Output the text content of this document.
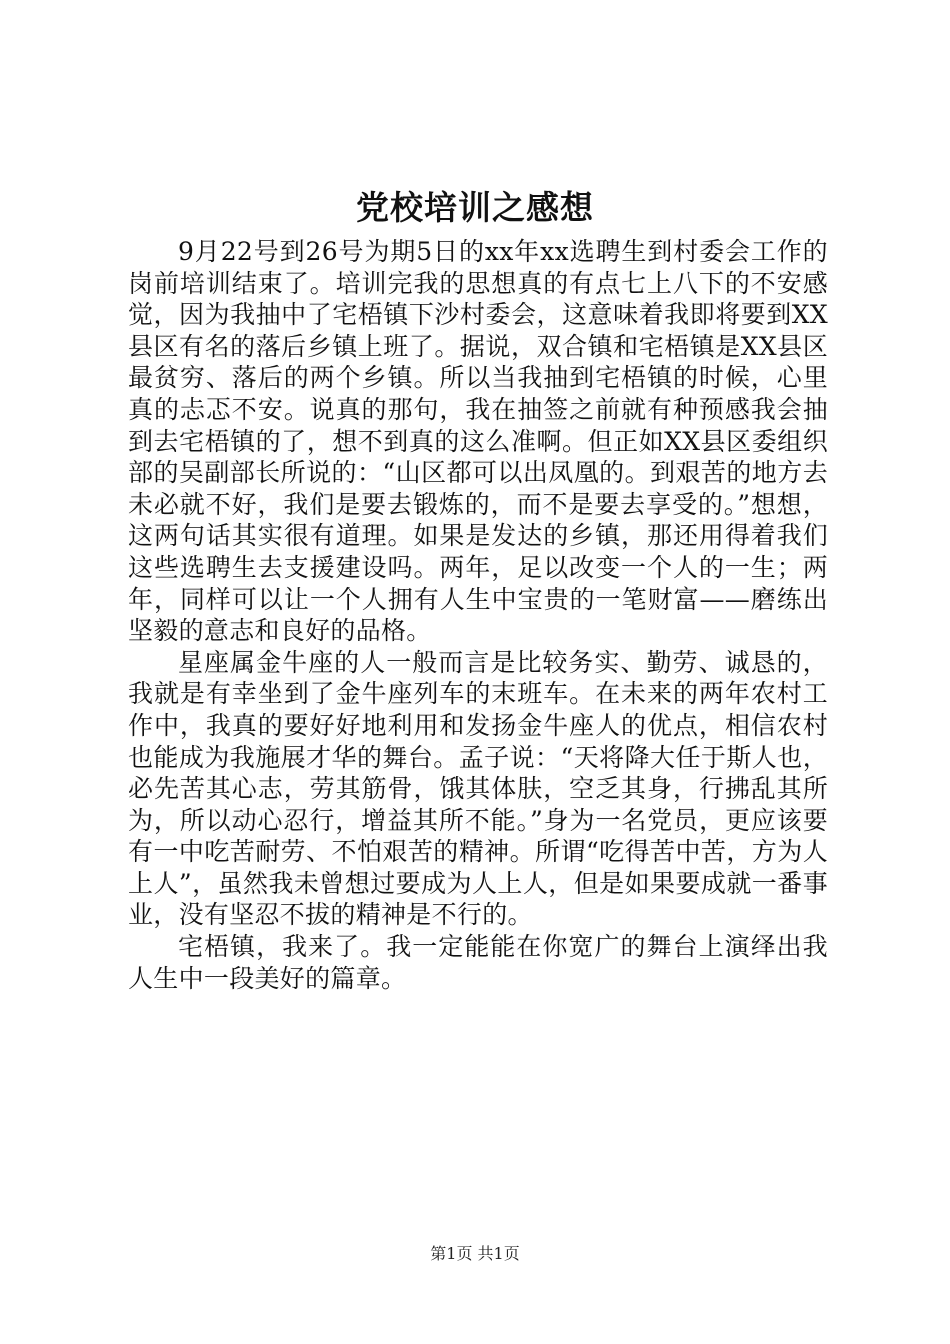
党校培训之感想

9月22号到26号为期5日的xx年xx选聘生到村委会工作的岗前培训结束了。培训完我的思想真的有点七上八下的不安感觉，因为我抽中了宅梧镇下沙村委会，这意味着我即将要到XX县区有名的落后乡镇上班了。据说，双合镇和宅梧镇是XX县区最贫穷、落后的两个乡镇。所以当我抽到宅梧镇的时候，心里真的忐忑不安。说真的那句，我在抽签之前就有种预感我会抽到去宅梧镇的了，想不到真的这么准啊。但正如XX县区委组织部的吴副部长所说的：“山区都可以出凤凰的。到艰苦的地方去未必就不好，我们是要去锻炼的，而不是要去享受的。”想想，这两句话其实很有道理。如果是发达的乡镇，那还用得着我们这些选聘生去支援建设吗。两年，足以改变一个人的一生；两年，同样可以让一个人拥有人生中宝贵的一笔财富——磨练出坚毅的意志和良好的品格。

星座属金牛座的人一般而言是比较务实、勤劳、诚恳的，我就是有幸坐到了金牛座列车的末班车。在未来的两年农村工作中，我真的要好好地利用和发扬金牛座人的优点，相信农村也能成为我施展才华的舞台。孟子说：“天将降大任于斯人也，必先苦其心志，劳其筋骨，饿其体肤，空乏其身，行拂乱其所为，所以动心忍行，增益其所不能。”身为一名党员，更应该要有一中吃苦耐劳、不怕艰苦的精神。所谓“吃得苦中苦，方为人上人”，虽然我未曾想过要成为人上人，但是如果要成就一番事业，没有坚忍不拔的精神是不行的。

宅梧镇，我来了。我一定能能在你宽广的舞台上演绎出我人生中一段美好的篇章。

第1页 共1页
